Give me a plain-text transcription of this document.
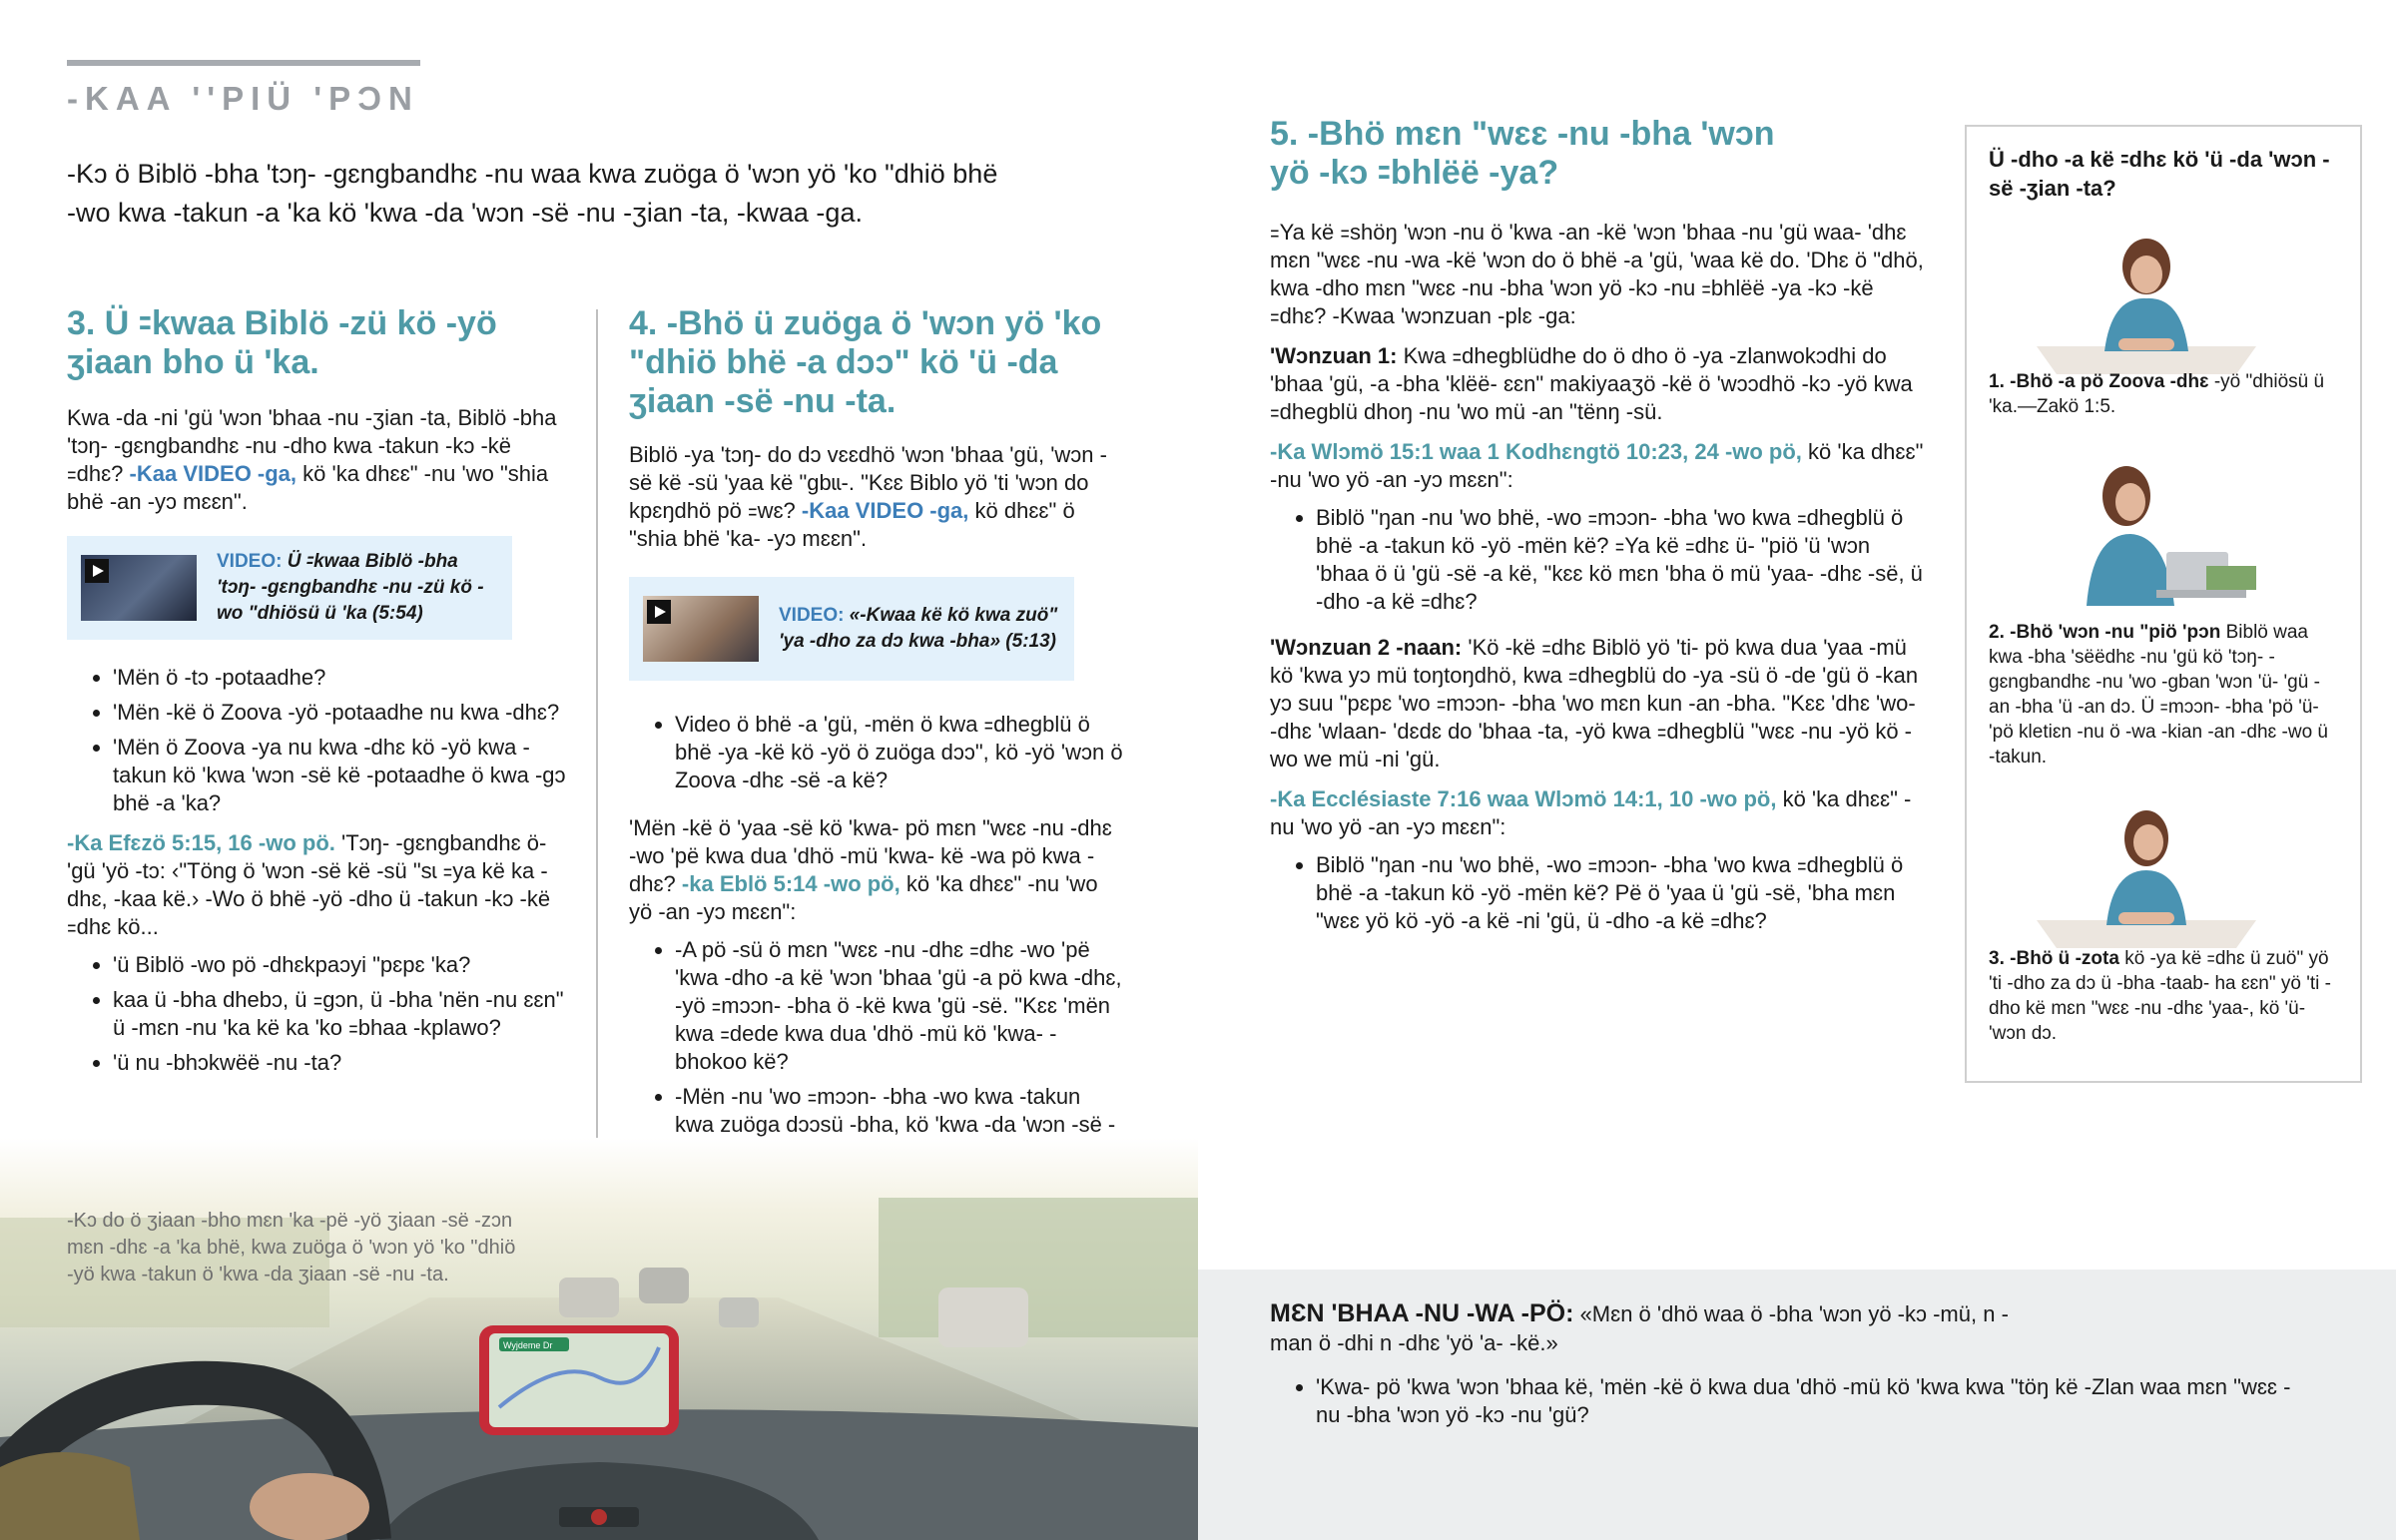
-KAA ''PIÜ 'PƆN

-Kɔ ö Biblö -bha 'tɔŋ- -gɛngbandhɛ -nu waa kwa zuöga ö 'wɔn yö 'ko "dhiö bhë -wo kwa -takun -a 'ka kö 'kwa -da 'wɔn -së -nu -ʒian -ta, -kwaa -ga.

3. Ü ꞊kwaa Biblö -zü kö -yö ʒiaan bho ü 'ka.

Kwa -da -ni 'gü 'wɔn 'bhaa -nu -ʒian -ta, Biblö -bha 'tɔŋ- -gɛngbandhɛ -nu -dho kwa -takun -kɔ -kë ꞊dhɛ? -Kaa VIDEO -ga, kö 'ka dhɛɛ" -nu 'wo "shia bhë -an -yɔ mɛɛn".

VIDEO: Ü ꞊kwaa Biblö -bha 'tɔŋ- -gɛngbandhɛ -nu -zü kö -wo "dhiösü ü 'ka (5:54)
• 'Mën ö -tɔ -potaadhe?
• 'Mën -kë ö Zoova -yö -potaadhe nu kwa -dhɛ?
• 'Mën ö Zoova -ya nu kwa -dhɛ kö -yö kwa -takun kö 'kwa 'wɔn -së kë -potaadhe ö kwa -gɔ bhë -a 'ka?

-Ka Efɛzö 5:15, 16 -wo pö. 'Tɔŋ- -gɛngbandhɛ ö- 'gü 'yö -tɔ: ‹"Töng ö 'wɔn -së kë -sü "sɩ ꞊ya kë ka -dhɛ, -kaa kë.› -Wo ö bhë -yö -dho ü -takun -kɔ -kë ꞊dhɛ kö...

• 'ü Biblö -wo pö -dhɛkpaɔyi "pɛpɛ 'ka?
• kaa ü -bha dhebɔ, ü ꞊gɔn, ü -bha 'nën -nu ɛɛn" ü -mɛn -nu 'ka kë ka 'ko ꞊bhaa -kplawo?
• 'ü nu -bhɔkwëë -nu -ta?
4. -Bhö ü zuöga ö 'wɔn yö 'ko "dhiö bhë -a dɔɔ" kö 'ü -da ʒiaan -së -nu -ta.

Biblö -ya 'tɔŋ- do dɔ vɛɛdhö 'wɔn 'bhaa 'gü, 'wɔn -së kë -sü 'yaa kë "gbɩɩ-. "Kɛɛ Biblo yö 'ti 'wɔn do kpɛŋdhö pö ꞊wɛ? -Kaa VIDEO -ga, kö dhɛɛ" ö "shia bhë 'ka- -yɔ mɛɛn".

VIDEO: «-Kwaa kë kö kwa zuö" 'ya -dho za dɔ kwa -bha» (5:13)
• Video ö bhë -a 'gü, -mën ö kwa ꞊dhegblü ö bhë -ya -kë kö -yö ö zuöga dɔɔ", kö -yö 'wɔn ö Zoova -dhɛ -së -a kë?

'Mën -kë ö 'yaa -së kö 'kwa- pö mɛn "wɛɛ -nu -dhɛ -wo 'pë kwa dua 'dhö -mü 'kwa- kë -wa pö kwa -dhɛ? -ka Eblö 5:14 -wo pö, kö 'ka dhɛɛ" -nu 'wo yö -an -yɔ mɛɛn":

• -A pö -sü ö mɛn "wɛɛ -nu -dhɛ ꞊dhɛ -wo 'pë 'kwa -dho -a kë 'wɔn 'bhaa 'gü -a pö kwa -dhɛ, -yö ꞊mɔɔn- -bha ö -kë kwa 'gü -së. "Kɛɛ 'mën kwa ꞊dede kwa dua 'dhö -mü kö 'kwa- -bhokoo kë?
• -Mën -nu 'wo ꞊mɔɔn- -bha -wo kwa -takun kwa zuöga dɔɔsü -bha, kö 'kwa -da 'wɔn -së -
Wyjdeme Dr

-Kɔ do ö ʒiaan -bho mɛn 'ka -pë -yö ʒiaan -së -zɔn mɛn -dhɛ -a 'ka bhë, kwa zuöga ö 'wɔn yö 'ko "dhiö -yö kwa -takun ö 'kwa -da ʒiaan -së -nu -ta.

5. -Bhö mɛn "wɛɛ -nu -bha 'wɔn yö -kɔ ꞊bhlëë -ya?

꞊Ya kë ꞊shöŋ 'wɔn -nu ö 'kwa -an -kë 'wɔn 'bhaa -nu 'gü waa- 'dhɛ mɛn "wɛɛ -nu -wa -kë 'wɔn do ö bhë -a 'gü, 'waa kë do. 'Dhɛ ö "dhö, kwa -dho mɛn "wɛɛ -nu -bha 'wɔn yö -kɔ -nu ꞊bhlëë -ya -kɔ -kë ꞊dhɛ? -Kwaa 'wɔnzuan -plɛ -ga:

'Wɔnzuan 1: Kwa ꞊dhegblüdhe do ö dho ö -ya -zlanwokɔdhi do 'bhaa 'gü, -a -bha 'klëë- ɛɛn" makiyaaʒö -kë ö 'wɔɔdhö -kɔ -yö kwa ꞊dhegblü dhoŋ -nu 'wo mü -an "tënŋ -sü.

-Ka Wlɔmö 15:1 waa 1 Kodhɛngtö 10:23, 24 -wo pö, kö 'ka dhɛɛ" -nu 'wo yö -an -yɔ mɛɛn":

• Biblö "ŋan -nu 'wo bhë, -wo ꞊mɔɔn- -bha 'wo kwa ꞊dhegblü ö bhë -a -takun kö -yö -mën kë? ꞊Ya kë ꞊dhɛ ü- "piö 'ü 'wɔn 'bhaa ö ü 'gü -së -a kë, "kɛɛ kö mɛn 'bha ö mü 'yaa- -dhɛ -së, ü -dho -a kë ꞊dhɛ?

'Wɔnzuan 2 -naan: 'Kö -kë ꞊dhɛ Biblö yö 'ti- pö kwa dua 'yaa -mü kö 'kwa yɔ mü toŋtoŋdhö, kwa ꞊dhegblü do -ya -sü ö -de 'gü ö -kan yɔ suu "pɛpɛ 'wo ꞊mɔɔn- -bha 'wo mɛn kun -an -bha. "Kɛɛ 'dhɛ 'wo- -dhɛ 'wlaan- 'dɛdɛ do 'bhaa -ta, -yö kwa ꞊dhegblü "wɛɛ -nu -yö kö -wo we mü -ni 'gü.

-Ka Ecclésiaste 7:16 waa Wlɔmö 14:1, 10 -wo pö, kö 'ka dhɛɛ" -nu 'wo yö -an -yɔ mɛɛn":

• Biblö "ŋan -nu 'wo bhë, -wo ꞊mɔɔn- -bha 'wo kwa ꞊dhegblü ö bhë -a -takun kö -yö -mën kë? Pë ö 'yaa ü 'gü -së, 'bha mɛn "wɛɛ yö kö -yö -a kë -ni 'gü, ü -dho -a kë ꞊dhɛ?

Ü -dho -a kë ꞊dhɛ kö 'ü -da 'wɔn -së -ʒian -ta?

1. -Bhö -a pö Zoova -dhɛ -yö "dhiösü ü 'ka.—Zakö 1:5.

2. -Bhö 'wɔn -nu "piö 'pɔn Biblö waa kwa -bha 'sëëdhɛ -nu 'gü kö 'tɔŋ- -gɛngbandhɛ -nu 'wo -gban 'wɔn 'ü- 'gü -an -bha 'ü -an dɔ. Ü ꞊mɔɔn- -bha 'pö 'ü- 'pö kletiɛn -nu ö -wa -kian -an -dhɛ -wo ü -takun.

3. -Bhö ü -zota kö -ya kë ꞊dhɛ ü zuö" yö 'ti -dho za dɔ ü -bha -taab- ha ɛɛn" yö 'ti -dho kë mɛn "wɛɛ -nu -dhɛ 'yaa-, kö 'ü- 'wɔn dɔ.

MƐN 'BHAA -NU -WA -PÖ: «Mɛn ö 'dhö waa ö -bha 'wɔn yö -kɔ -mü, n -man ö -dhi n -dhɛ 'yö 'a- -kë.»

• 'Kwa- pö 'kwa 'wɔn 'bhaa kë, 'mën -kë ö kwa dua 'dhö -mü kö 'kwa kwa "töŋ kë -Zlan waa mɛn "wɛɛ -nu -bha 'wɔn yö -kɔ -nu 'gü?
